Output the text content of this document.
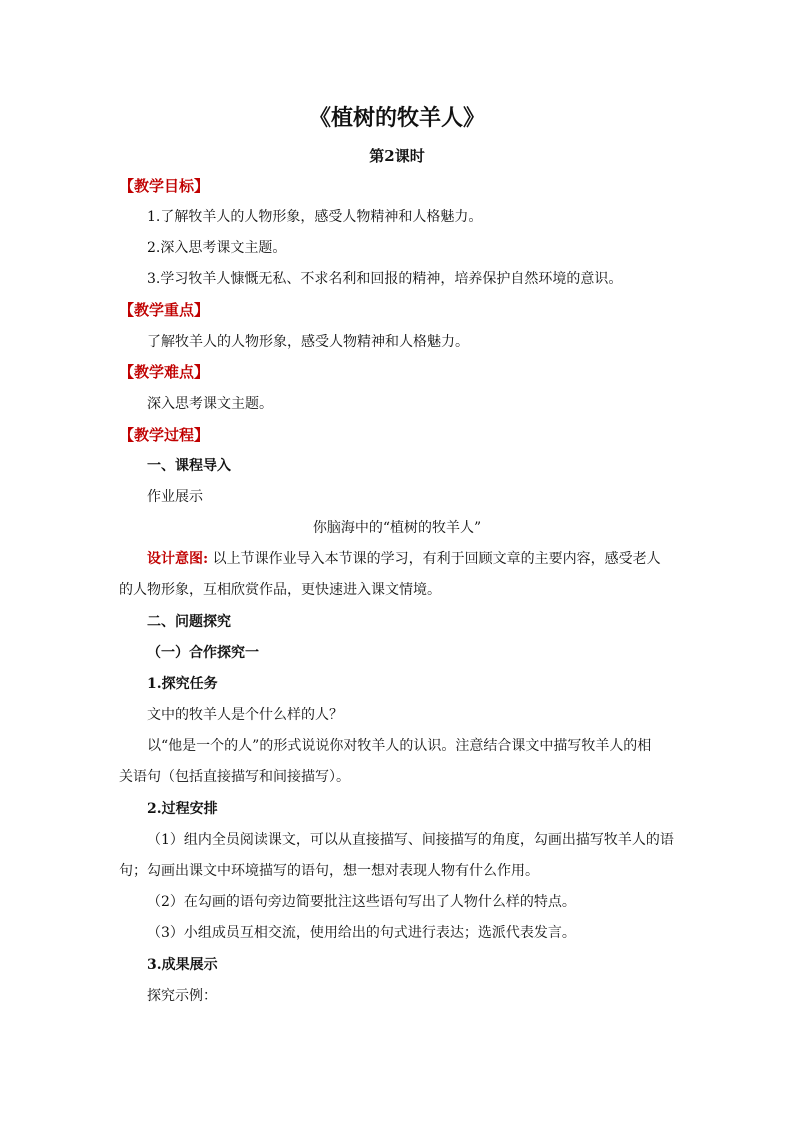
《植树的牧羊人》
第2课时
【教学目标】
1.了解牧羊人的人物形象，感受人物精神和人格魅力。
2.深入思考课文主题。
3.学习牧羊人慷慨无私、不求名利和回报的精神，培养保护自然环境的意识。
【教学重点】
了解牧羊人的人物形象，感受人物精神和人格魅力。
【教学难点】
深入思考课文主题。
【教学过程】
一、课程导入
作业展示
你脑海中的“植树的牧羊人”
设计意图: 以上节课作业导入本节课的学习，有利于回顾文章的主要内容，感受老人
的人物形象，互相欣赏作品，更快速进入课文情境。
二、问题探究
（一）合作探究一
1.探究任务
文中的牧羊人是个什么样的人？
以“他是一个的人”的形式说说你对牧羊人的认识。注意结合课文中描写牧羊人的相
关语句（包括直接描写和间接描写）。
2.过程安排
（1）组内全员阅读课文，可以从直接描写、间接描写的角度，勾画出描写牧羊人的语
句；勾画出课文中环境描写的语句，想一想对表现人物有什么作用。
（2）在勾画的语句旁边简要批注这些语句写出了人物什么样的特点。
（3）小组成员互相交流，使用给出的句式进行表达；选派代表发言。
3.成果展示
探究示例：
